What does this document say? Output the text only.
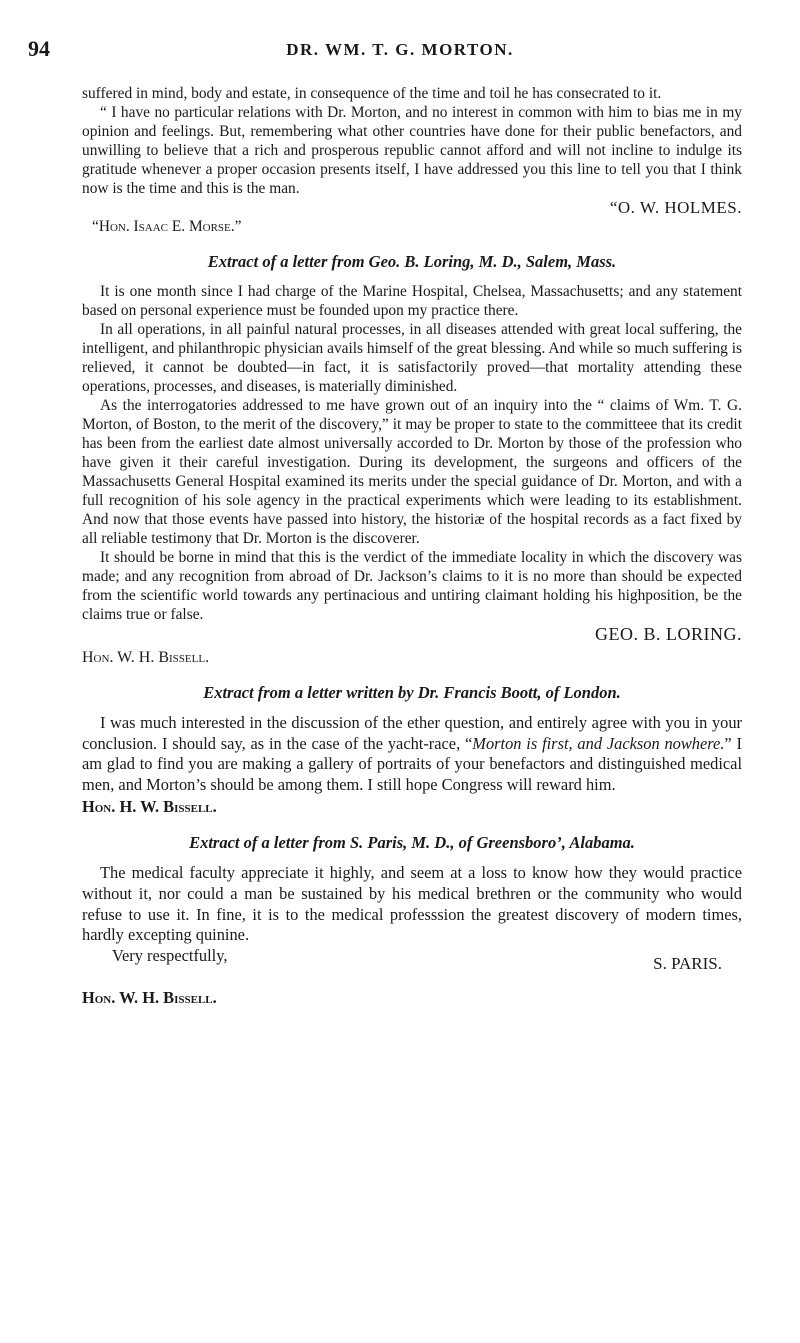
94	DR. WM. T. G. MORTON.

suffered in mind, body and estate, in consequence of the time and toil he has consecrated to it.

“ I have no particular relations with Dr. Morton, and no interest in common with him to bias me in my opinion and feelings. But, remembering what other countries have done for their public benefactors, and unwilling to believe that a rich and prosperous republic cannot afford and will not incline to indulge its gratitude whenever a proper occasion presents itself, I have addressed you this line to tell you that I think now is the time and this is the man.

“O. W. HOLMES.

“Hon. Isaac E. Morse.”

Extract of a letter from Geo. B. Loring, M. D., Salem, Mass.

It is one month since I had charge of the Marine Hospital, Chelsea, Massachusetts; and any statement based on personal experience must be founded upon my practice there.

In all operations, in all painful natural processes, in all diseases attended with great local suffering, the intelligent, and philanthropic physician avails himself of the great blessing. And while so much suffering is relieved, it cannot be doubted—in fact, it is satisfactorily proved—that mortality attending these operations, processes, and diseases, is materially diminished.

As the interrogatories addressed to me have grown out of an inquiry into the “ claims of Wm. T. G. Morton, of Boston, to the merit of the discovery,” it may be proper to state to the committeee that its credit has been from the earliest date almost universally accorded to Dr. Morton by those of the profession who have given it their careful investigation. During its development, the surgeons and officers of the Massachusetts General Hospital examined its merits under the special guidance of Dr. Morton, and with a full recognition of his sole agency in the practical experiments which were leading to its establishment. And now that those events have passed into history, the historiæ of the hospital records as a fact fixed by all reliable testimony that Dr. Morton is the discoverer.

It should be borne in mind that this is the verdict of the immediate locality in which the discovery was made; and any recognition from abroad of Dr. Jackson’s claims to it is no more than should be expected from the scientific world towards any pertinacious and untiring claimant holding his highposition, be the claims true or false.

GEO. B. LORING.

Hon. W. H. Bissell.

Extract from a letter written by Dr. Francis Boott, of London.

I was much interested in the discussion of the ether question, and entirely agree with you in your conclusion. I should say, as in the case of the yacht-race, “Morton is first, and Jackson nowhere.” I am glad to find you are making a gallery of portraits of your benefactors and distinguished medical men, and Morton’s should be among them. I still hope Congress will reward him.

Hon. H. W. Bissell.

Extract of a letter from S. Paris, M. D., of Greensboro’, Alabama.

The medical faculty appreciate it highly, and seem at a loss to know how they would practice without it, nor could a man be sustained by his medical brethren or the community who would refuse to use it. In fine, it is to the medical professsion the greatest discovery of modern times, hardly excepting quinine.

Very respectfully,	S. PARIS.

Hon. W. H. Bissell.
